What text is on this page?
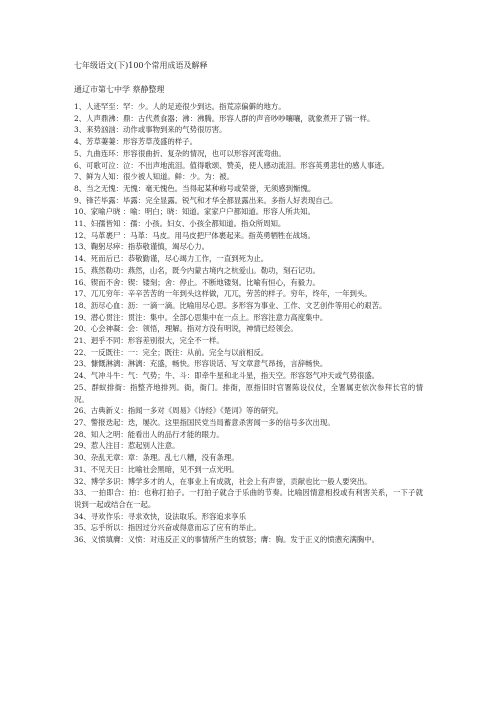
七年级语文(下)100个常用成语及解释
通辽市第七中学 蔡静整理
1、人迹罕至：罕：少。人的足迹很少到达。指荒凉偏僻的地方。
2、人声鼎沸：鼎：古代煮食器；沸：沸腾。形容人群的声音吵吵嚷嚷，就象煮开了锅一样。
3、来势汹汹：动作或事物到来的气势很厉害。
4、芳草萋萋：形容芳草茂盛的样子。
5、九曲连环：形容很曲折、复杂的情况，也可以形容河流弯曲。
6、可歌可泣：泣：不出声地流泪。值得歌颂、赞美，使人感动流泪。形容英勇悲壮的感人事迹。
7、鲜为人知：很少被人知道。鲜：少。为：被。
8、当之无愧：无愧：毫无愧色。当得起某种称号或荣誉，无须感到惭愧。
9、锋芒毕露：毕露：完全显露。锐气和才华全都显露出来。多指人好表现自己。
10、家喻户晓 ：喻：明白；晓：知道。家家户户都知道。形容人所共知。
11、妇孺皆知 ：孺：小孩。妇女、小孩全都知道。指众所周知。
12、马革裹尸 ：马革：马皮。用马皮把尸体裹起来。指英勇牺牲在战场。
13、鞠躬尽瘁：指恭敬谨慎，竭尽心力。
14、死而后已：恭敬勤谨，尽心竭力工作，一直到死为止。
15、燕然勒功：燕然，山名，既今内蒙古境内之杭爱山。勒功，刻石记功。
16、锲而不舍：锲：镂刻；舍：停止。不断地镂刻。比喻有恒心，有毅力。
17、兀兀穷年：辛辛苦苦的一年到头这样做，兀兀，劳苦的样子。穷年，终年，一年到头。
18、沥尽心血：沥：一滴一滴。比喻用尽心思。多形容为事业、工作、文艺创作等用心的艰苦。
19、潜心贯注：贯注：集中。全部心思集中在一点上。形容注意力高度集中。
20、心会神凝：会：领悟，理解。指对方没有明说，神情已经领会。
21、迥乎不同：形容差别很大，完全不一样。
22、一反既往：一：完全；既往：从前。完全与以前相反。
23、慷慨淋漓：淋漓：充盛，畅快。形容说话、写文章意气昂扬，言辞畅快。
24、气冲斗牛：气：气势；牛、斗：即牵牛星和北斗星，指天空。形容怒气冲天或气势很盛。
25、群蚁排衙：指整齐地排列。衙，衙门。排衙，原指旧时官署陈设仪仗，全署属吏依次参拜长官的情况。
26、古典新义：指闻一多对《周易》《诗经》《楚词》等的研究。
27、警报迭起：迭，屡次。这里指国民党当局蓄意杀害闻一多的信号多次出现。
28、知人之明：能看出人的品行才能的眼力。
29、惹人注目：惹起别人注意。
30、杂乱无章：章：条理。乱七八糟，没有条理。
31、不见天日：比喻社会黑暗，见不到一点光明。
32、博学多识：博学多才的人，在事业上有成就，社会上有声誉，贡献也比一般人要突出。
33、一拍即合：拍：也称打拍子。一打拍子就合于乐曲的节奏。比喻因情意相投或有利害关系，一下子就说到一起或结合在一起。
34、寻欢作乐：寻求欢快，设法取乐。形容追求享乐
35、忘乎所以：指因过分兴奋或得意而忘了应有的举止。
36、义愤填膺：义愤：对违反正义的事情所产生的愤怒；膺：胸。发于正义的愤懑充满胸中。
